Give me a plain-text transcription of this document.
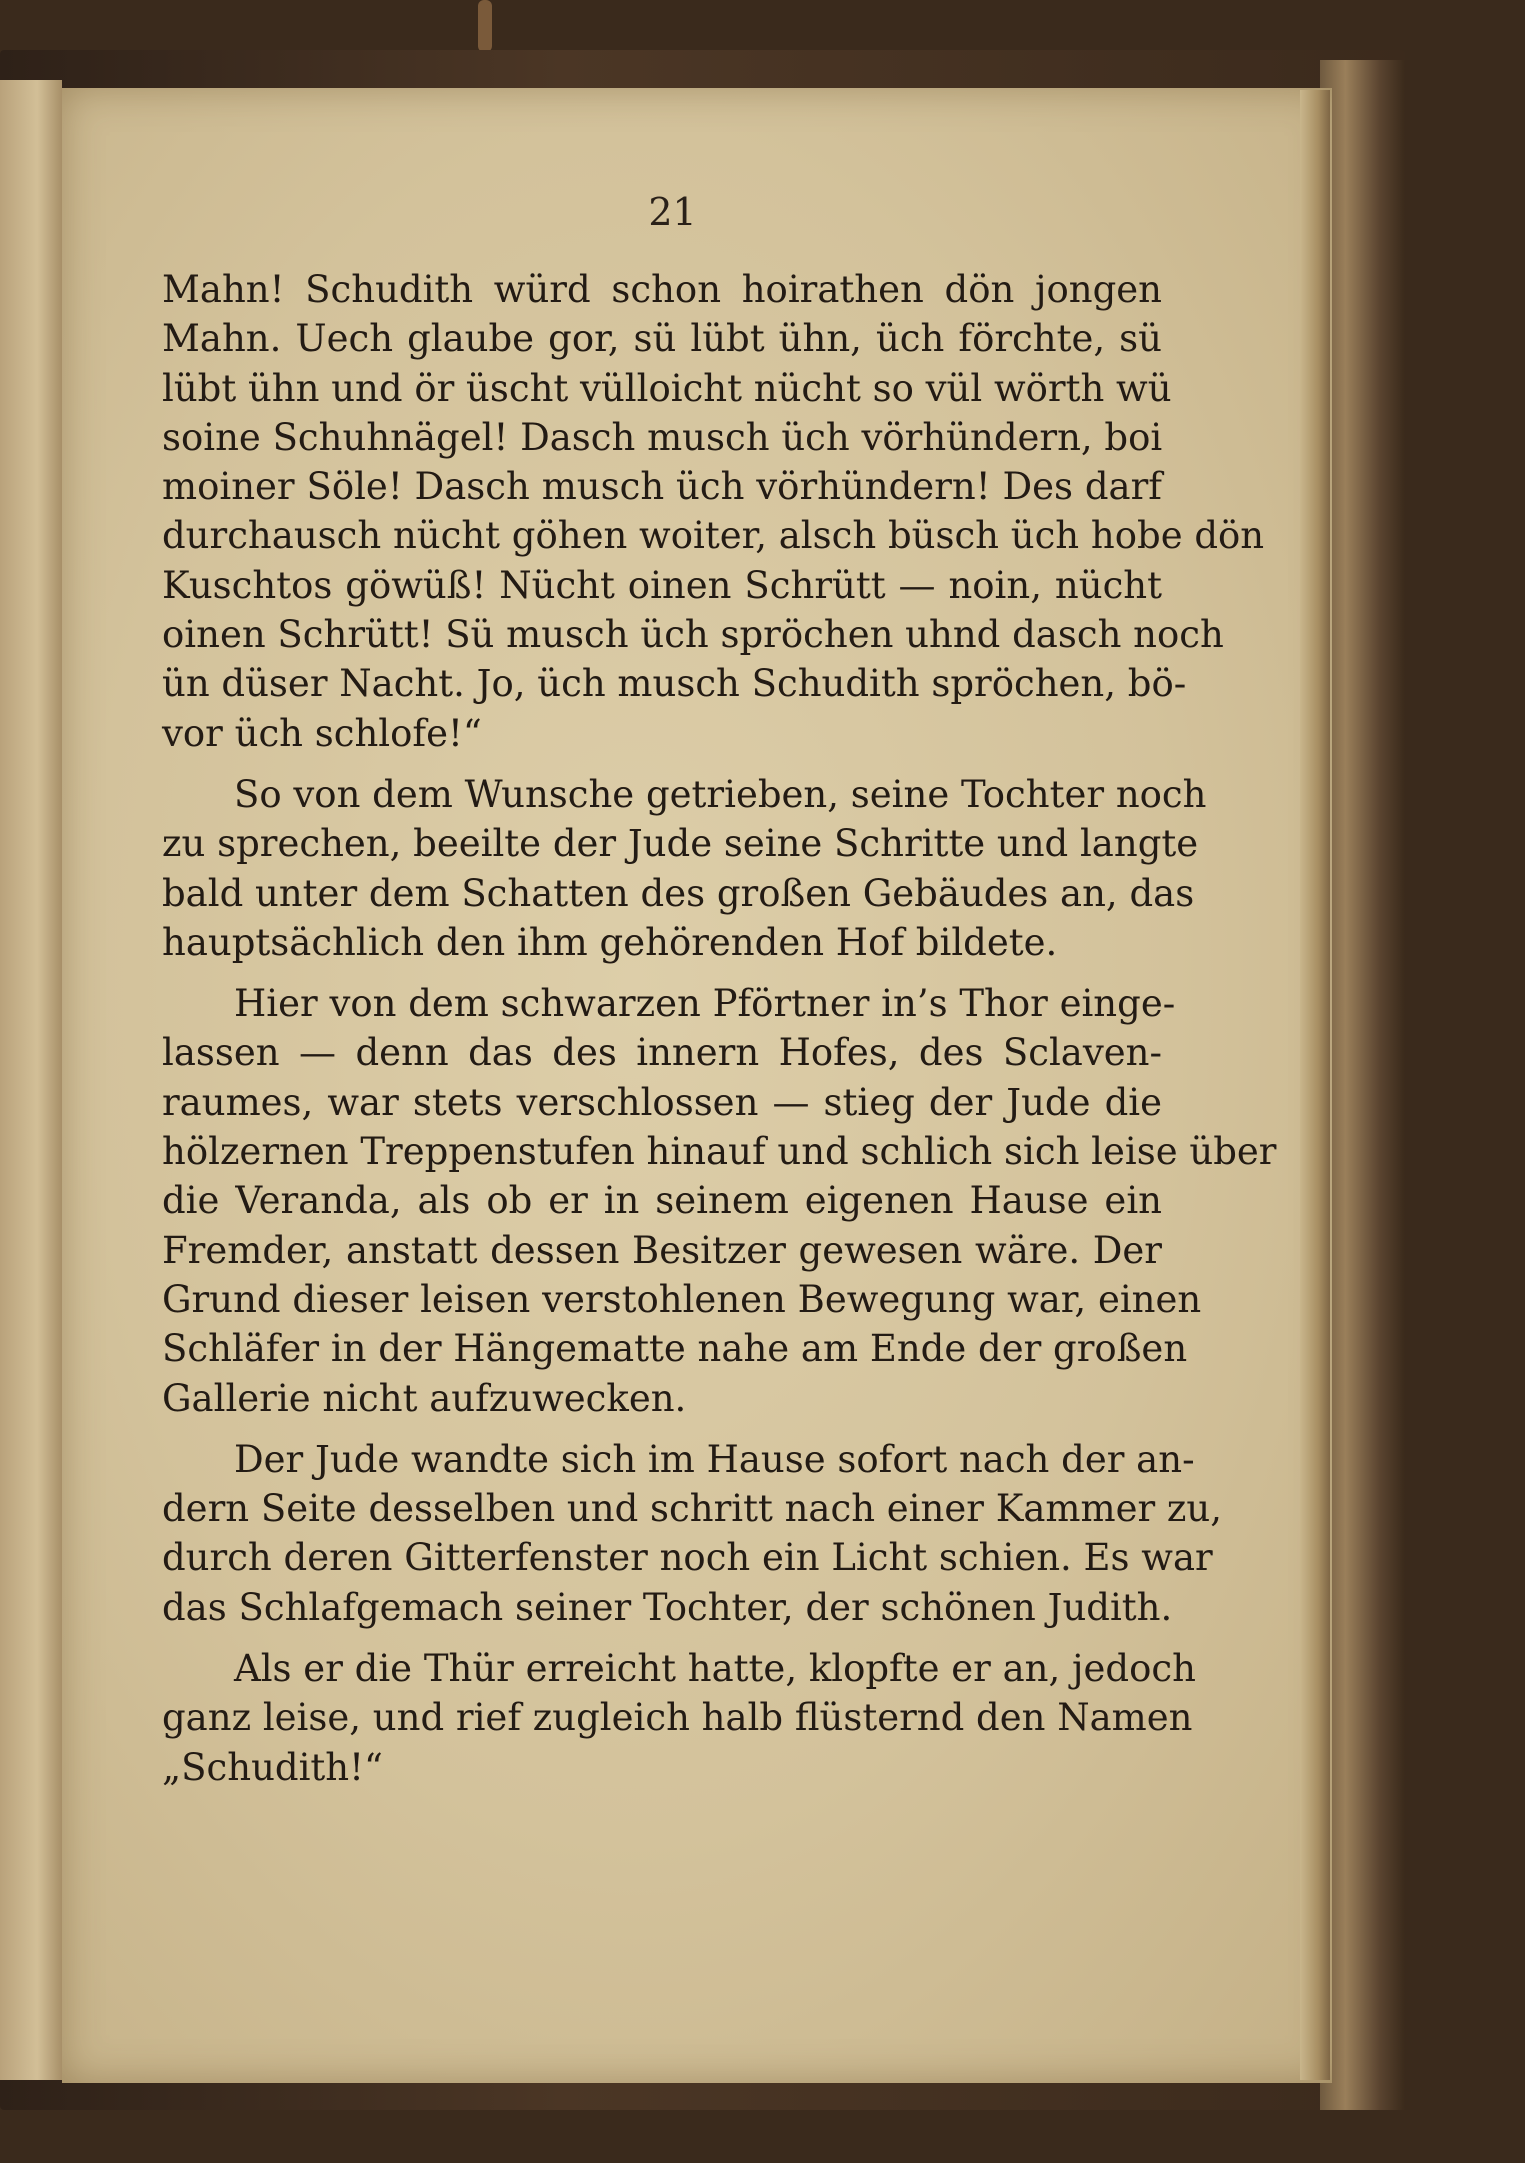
21

Mahn! Schudith würd schon hoirathen dön jongen
Mahn. Uech glaube gor, sü lübt ühn, üch förchte, sü
lübt ühn und ör üscht vülloicht nücht so vül wörth wü
soine Schuhnägel! Dasch musch üch vörhündern, boi
moiner Söle! Dasch musch üch vörhündern! Des darf
durchausch nücht göhen woiter, alsch büsch üch hobe dön
Kuschtos göwüß! Nücht oinen Schrütt — noin, nücht
oinen Schrütt! Sü musch üch spröchen uhnd dasch noch
ün düser Nacht. Jo, üch musch Schudith spröchen, bö-
vor üch schlofe!“

So von dem Wunsche getrieben, seine Tochter noch
zu sprechen, beeilte der Jude seine Schritte und langte
bald unter dem Schatten des großen Gebäudes an, das
hauptsächlich den ihm gehörenden Hof bildete.

Hier von dem schwarzen Pförtner in’s Thor einge-
lassen — denn das des innern Hofes, des Sclaven-
raumes, war stets verschlossen — stieg der Jude die
hölzernen Treppenstufen hinauf und schlich sich leise über
die Veranda, als ob er in seinem eigenen Hause ein
Fremder, anstatt dessen Besitzer gewesen wäre. Der
Grund dieser leisen verstohlenen Bewegung war, einen
Schläfer in der Hängematte nahe am Ende der großen
Gallerie nicht aufzuwecken.

Der Jude wandte sich im Hause sofort nach der an-
dern Seite desselben und schritt nach einer Kammer zu,
durch deren Gitterfenster noch ein Licht schien. Es war
das Schlafgemach seiner Tochter, der schönen Judith.

Als er die Thür erreicht hatte, klopfte er an, jedoch
ganz leise, und rief zugleich halb flüsternd den Namen
„Schudith!“
